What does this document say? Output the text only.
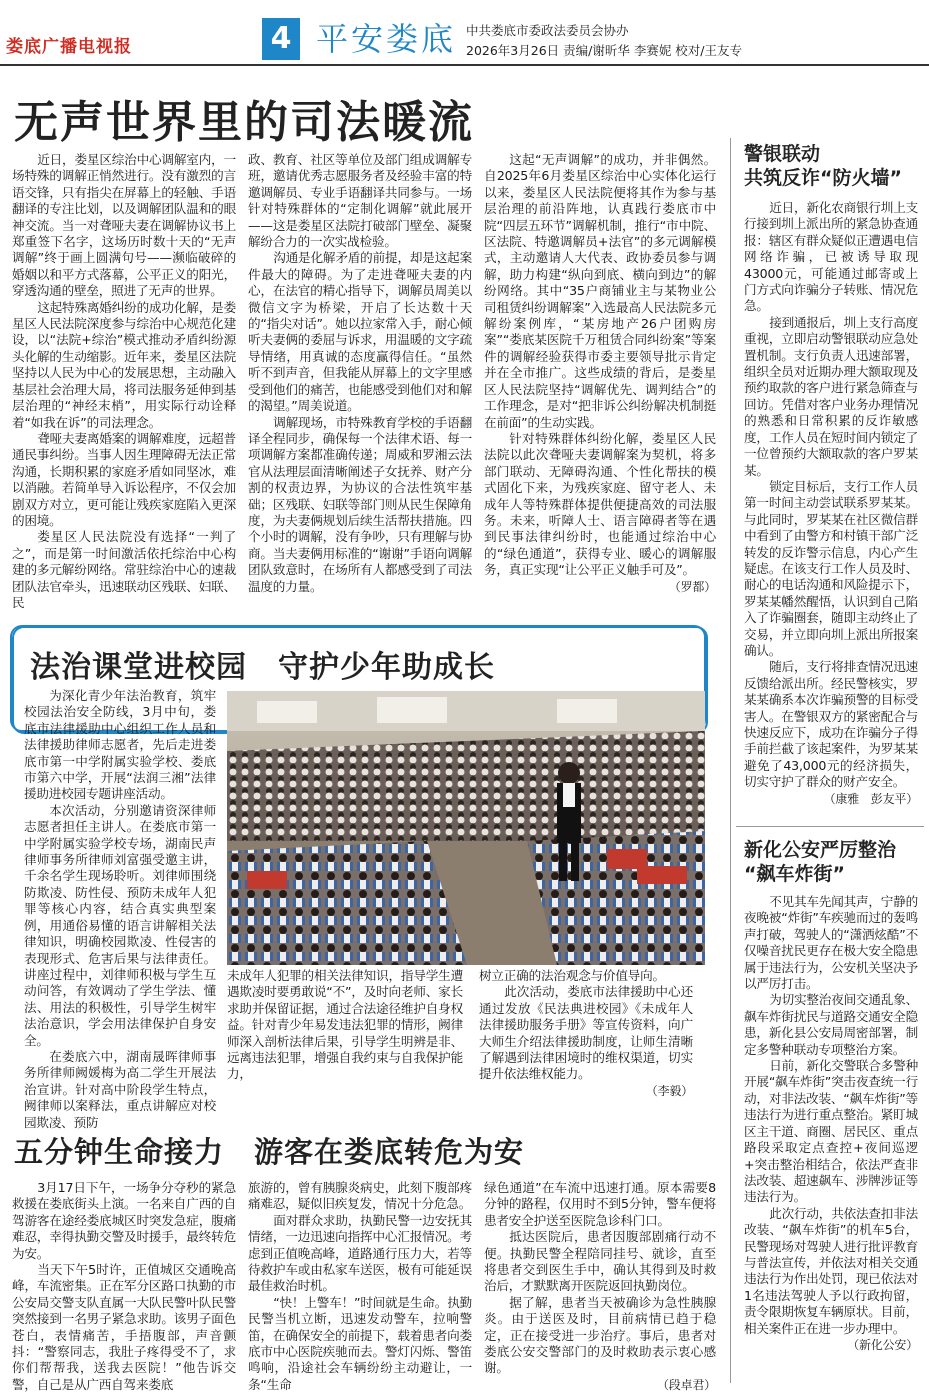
娄底广播电视报	4 平安娄底 中共娄底市委政法委员会协办
2026年3月26日 责编/谢昕华 李赛妮 校对/王友专
无声世界里的司法暖流

近日，娄星区综治中心调解室内，一场特殊的调解正悄然进行。没有激烈的言语交锋，只有指尖在屏幕上的轻触、手语翻译的专注比划，以及调解团队温和的眼神交流。当一对聋哑夫妻在调解协议书上郑重签下名字，这场历时数十天的“无声调解”终于画上圆满句号——濒临破碎的婚姻以和平方式落幕，公平正义的阳光，穿透沟通的壁垒，照进了无声的世界。

这起特殊离婚纠纷的成功化解，是娄星区人民法院深度参与综治中心规范化建设，以“法院+综治”模式推动矛盾纠纷源头化解的生动缩影。近年来，娄星区法院坚持以人民为中心的发展思想，主动融入基层社会治理大局，将司法服务延伸到基层治理的“神经末梢”，用实际行动诠释着“如我在诉”的司法理念。

聋哑夫妻离婚案的调解难度，远超普通民事纠纷。当事人因生理障碍无法正常沟通，长期积累的家庭矛盾如同坚冰，难以消融。若简单导入诉讼程序，不仅会加剧双方对立，更可能让残疾家庭陷入更深的困境。

娄星区人民法院没有选择“一判了之”，而是第一时间激活依托综治中心构建的多元解纷网络。常驻综治中心的速裁团队法官牵头，迅速联动区残联、妇联、民

政、教育、社区等单位及部门组成调解专班，邀请优秀志愿服务者及经验丰富的特邀调解员、专业手语翻译共同参与。一场针对特殊群体的“定制化调解”就此展开——这是娄星区法院打破部门壁垒、凝聚解纷合力的一次实战检验。

沟通是化解矛盾的前提，却是这起案件最大的障碍。为了走进聋哑夫妻的内心，在法官的精心指导下，调解员周美以微信文字为桥梁，开启了长达数十天的“指尖对话”。她以拉家常入手，耐心倾听夫妻俩的委屈与诉求，用温暖的文字疏导情绪，用真诚的态度赢得信任。“虽然听不到声音，但我能从屏幕上的文字里感受到他们的痛苦，也能感受到他们对和解的渴望。”周美说道。

调解现场，市特殊教育学校的手语翻译全程同步，确保每一个法律术语、每一项调解方案都准确传递；周威和罗湘云法官从法理层面清晰阐述子女抚养、财产分割的权责边界，为协议的合法性筑牢基础；区残联、妇联等部门则从民生保障角度，为夫妻俩规划后续生活帮扶措施。四个小时的调解，没有争吵，只有理解与协商。当夫妻俩用标准的“谢谢”手语向调解团队致意时，在场所有人都感受到了司法温度的力量。

这起“无声调解”的成功，并非偶然。自2025年6月娄星区综治中心实体化运行以来，娄星区人民法院便将其作为参与基层治理的前沿阵地，认真践行娄底市中院“四层五环节”调解机制，推行“市中院、区法院、特邀调解员+法官”的多元调解模式，主动邀请人大代表、政协委员参与调解，助力构建“纵向到底、横向到边”的解纷网络。其中“35户商铺业主与某物业公司租赁纠纷调解案”入选最高人民法院多元解纷案例库，“某房地产26户团购房案”“娄底某医院千万租赁合同纠纷案”等案件的调解经验获得市委主要领导批示肯定并在全市推广。这些成绩的背后，是娄星区人民法院坚持“调解优先、调判结合”的工作理念，是对“把非诉公纠纷解决机制挺在前面”的生动实践。

针对特殊群体纠纷化解，娄星区人民法院以此次聋哑夫妻调解案为契机，将多部门联动、无障碍沟通、个性化帮扶的模式固化下来，为残疾家庭、留守老人、未成年人等特殊群体提供便捷高效的司法服务。未来，听障人士、语言障碍者等在遇到民事法律纠纷时，也能通过综治中心的“绿色通道”，获得专业、暖心的调解服务，真正实现“让公平正义触手可及”。

（罗都）
警银联动
共筑反诈“防火墙”

近日，新化农商银行圳上支行接到圳上派出所的紧急协查通报：辖区有群众疑似正遭遇电信网络诈骗，已被诱导取现43000元，可能通过邮寄或上门方式向诈骗分子转账、情况危急。

接到通报后，圳上支行高度重视，立即启动警银联动应急处置机制。支行负责人迅速部署，组织全员对近期办理大额取现及预约取款的客户进行紧急筛查与回访。凭借对客户业务办理情况的熟悉和日常积累的反诈敏感度，工作人员在短时间内锁定了一位曾预约大额取款的客户罗某某。

锁定目标后，支行工作人员第一时间主动尝试联系罗某某。与此同时，罗某某在社区微信群中看到了由警方和村镇干部广泛转发的反诈警示信息，内心产生疑虑。在该支行工作人员及时、耐心的电话沟通和风险提示下，罗某某幡然醒悟，认识到自己陷入了诈骗圈套，随即主动终止了交易，并立即向圳上派出所报案确认。

随后，支行将排查情况迅速反馈给派出所。经民警核实，罗某某确系本次诈骗预警的目标受害人。在警银双方的紧密配合与快速反应下，成功在诈骗分子得手前拦截了该起案件，为罗某某避免了43,000元的经济损失，切实守护了群众的财产安全。

（康雅　彭友平）
新化公安严厉整治
“飙车炸街”

不见其车先闻其声，宁静的夜晚被“炸街”车疾驰而过的轰鸣声打破，驾驶人的“潇洒炫酷”不仅噪音扰民更存在极大安全隐患属于违法行为，公安机关坚决予以严厉打击。

为切实整治夜间交通乱象、飙车炸街扰民与道路交通安全隐患，新化县公安局周密部署，制定多警种联动专项整治方案。

日前，新化交警联合多警种开展“飙车炸街”突击夜查统一行动，对非法改装、“飙车炸街”等违法行为进行重点整治。紧盯城区主干道、商圈、居民区、重点路段采取定点查控+夜间巡逻+突击整治相结合，依法严查非法改装、超速飙车、涉牌涉证等违法行为。

此次行动，共依法查扣非法改装、“飙车炸街”的机车5台，民警现场对驾驶人进行批评教育与普法宣传，并依法对相关交通违法行为作出处罚，现已依法对1名违法驾驶人予以行政拘留，责令限期恢复车辆原状。目前，相关案件正在进一步办理中。

（新化公安）
法治课堂进校园　守护少年助成长

为深化青少年法治教育，筑牢校园法治安全防线，3月中旬，娄底市法律援助中心组织工作人员和法律援助律师志愿者，先后走进娄底市第一中学附属实验学校、娄底市第六中学，开展“法润三湘”法律援助进校园专题讲座活动。

本次活动，分别邀请资深律师志愿者担任主讲人。在娄底市第一中学附属实验学校专场，湖南民声律师事务所律师刘富强受邀主讲，千余名学生现场聆听。刘律师围绕防欺凌、防性侵、预防未成年人犯罪等核心内容，结合真实典型案例，用通俗易懂的语言讲解相关法律知识，明确校园欺凌、性侵害的表现形式、危害后果与法律责任。讲座过程中，刘律师积极与学生互动问答，有效调动了学生学法、懂法、用法的积极性，引导学生树牢法治意识，学会用法律保护自身安全。

在娄底六中，湖南晟晖律师事务所律师阙媛梅为高二学生开展法治宣讲。针对高中阶段学生特点，阙律师以案释法，重点讲解应对校园欺凌、预防

未成年人犯罪的相关法律知识，指导学生遭遇欺凌时要勇敢说“不”，及时向老师、家长求助并保留证据，通过合法途径维护自身权益。针对青少年易发违法犯罪的情形，阙律师深入剖析法律后果，引导学生明辨是非、远离违法犯罪，增强自我约束与自我保护能力，

树立正确的法治观念与价值导向。

此次活动，娄底市法律援助中心还通过发放《民法典进校园》《未成年人法律援助服务手册》等宣传资料，向广大师生介绍法律援助制度，让师生清晰了解遇到法律困境时的维权渠道，切实提升依法维权能力。

（李毅）
五分钟生命接力　游客在娄底转危为安

3月17日下午，一场争分夺秒的紧急救援在娄底街头上演。一名来自广西的自驾游客在途经娄底城区时突发急症，腹痛难忍，幸得执勤交警及时援手，最终转危为安。

当天下午5时许，正值城区交通晚高峰，车流密集。正在军分区路口执勤的市公安局交警支队直属一大队民警叶队民警突然接到一名男子紧急求助。该男子面色苍白，表情痛苦，手捂腹部，声音颤抖：“警察同志，我肚子疼得受不了，求你们帮帮我，送我去医院！”他告诉交警，自己是从广西自驾来娄底

旅游的，曾有胰腺炎病史，此刻下腹部疼痛难忍，疑似旧疾复发，情况十分危急。

面对群众求助，执勤民警一边安抚其情绪，一边迅速向指挥中心汇报情况。考虑到正值晚高峰，道路通行压力大，若等待救护车或由私家车送医，极有可能延误最佳救治时机。

“快！上警车！”时间就是生命。执勤民警当机立断，迅速发动警车，拉响警笛，在确保安全的前提下，载着患者向娄底市中心医院疾驰而去。警灯闪烁、警笛鸣响，沿途社会车辆纷纷主动避让，一条“生命

绿色通道”在车流中迅速打通。原本需要8分钟的路程，仅用时不到5分钟，警车便将患者安全护送至医院急诊科门口。

抵达医院后，患者因腹部剧痛行动不便。执勤民警全程陪同挂号、就诊，直至将患者交到医生手中，确认其得到及时救治后，才默默离开医院返回执勤岗位。

据了解，患者当天被确诊为急性胰腺炎。由于送医及时，目前病情已趋于稳定，正在接受进一步治疗。事后，患者对娄底公安交警部门的及时救助表示衷心感谢。

（段卓君）
